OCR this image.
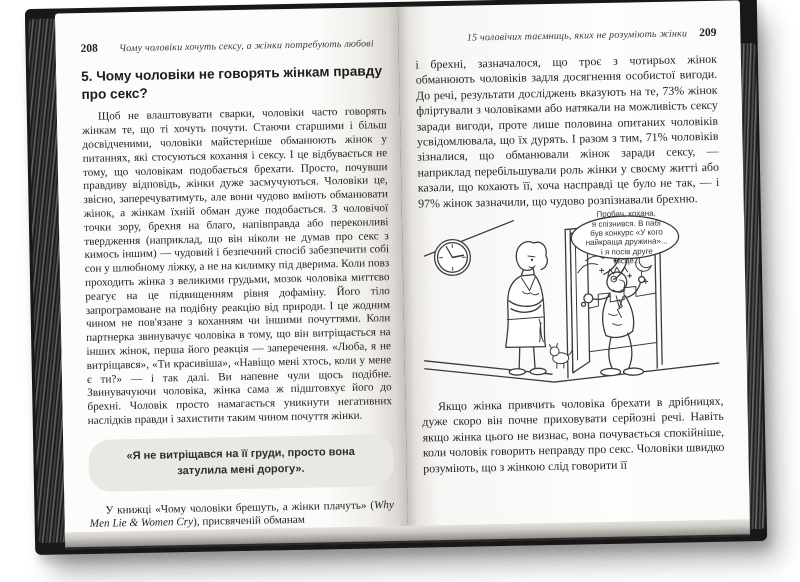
208	Чому чоловіки хочуть сексу, а жінки потребують любові
5. Чому чоловіки не говорять жінкам правду про секс?

Щоб не влаштовувати сварки, чоловіки часто говорять жінкам те, що ті хочуть почути. Стаючи старшими і більш досвідченими, чоловіки майстерніше обманюють жінок у питаннях, які стосуються кохання і сексу. І це відбувається не тому, що чоловікам подобається брехати. Просто, почувши правдиву відповідь, жінки дуже засмучуються. Чоловіки це, звісно, заперечуватимуть, але вони чудово вміють обманювати жінок, а жінкам їхній обман дуже подобається. З чоловічої точки зору, брехня на благо, напівправда або переконливі твердження (наприклад, що він ніколи не думав про секс з кимось іншим) — чудовий і безпечний спосіб забезпечити собі сон у шлюбному ліжку, а не на килимку під дверима. Коли повз проходить жінка з великими грудьми, мозок чоловіка миттєво реагує на це підвищенням рівня дофаміну. Його тіло запрограмоване на подібну реакцію від природи. І це жодним чином не пов'язане з коханням чи іншими почуттями. Коли партнерка звинувачує чоловіка в тому, що він витріщається на інших жінок, перша його реакція — заперечення. «Люба, я не витріщався», «Ти красивіша», «Навіщо мені хтось, коли у мене є ти?» — і так далі. Ви напевне чули щось подібне. Звинувачуючи чоловіка, жінка сама ж підштовхує його до брехні. Чоловік просто намагається уникнути негативних наслідків правди і захистити таким чином почуття жінки.

«Я не витріщався на її груди, просто вона затулила мені дорогу».

У книжці «Чому чоловіки брешуть, а жінки плачуть» (Why Men Lie & Women Cry), присвяченій обманам

15 чоловічих таємниць, яких не розуміють жінки 209

і брехні, зазначалося, що троє з чотирьох жінок обманюють чоловіків задля досягнення особистої вигоди. До речі, результати досліджень вказують на те, 73% жінок фліртували з чоловіками або натякали на можливість сексу заради вигоди, проте лише половина опитаних чоловіків усвідомлювала, що їх дурять. І разом з тим, 71% чоловіків зізналися, що обманювали жінок заради сексу, — наприклад перебільшували роль жінки у своєму житті або казали, що кохають її, хоча насправді це було не так, — і 97% жінок зазначили, що чудово розпізнавали брехню.

Пробач, кохана,
я спізнився. В пабі
був конкурс «У кого
найкраща дружина»...
і я посів друге
місце...

Якщо жінка привчить чоловіка брехати в дрібницях, дуже скоро він почне приховувати серйозні речі. Навіть якщо жінка цього не визнає, вона почувається спокійніше, коли чоловік говорить неправду про секс. Чоловіки швидко розуміють, що з жінкою слід говорити її
